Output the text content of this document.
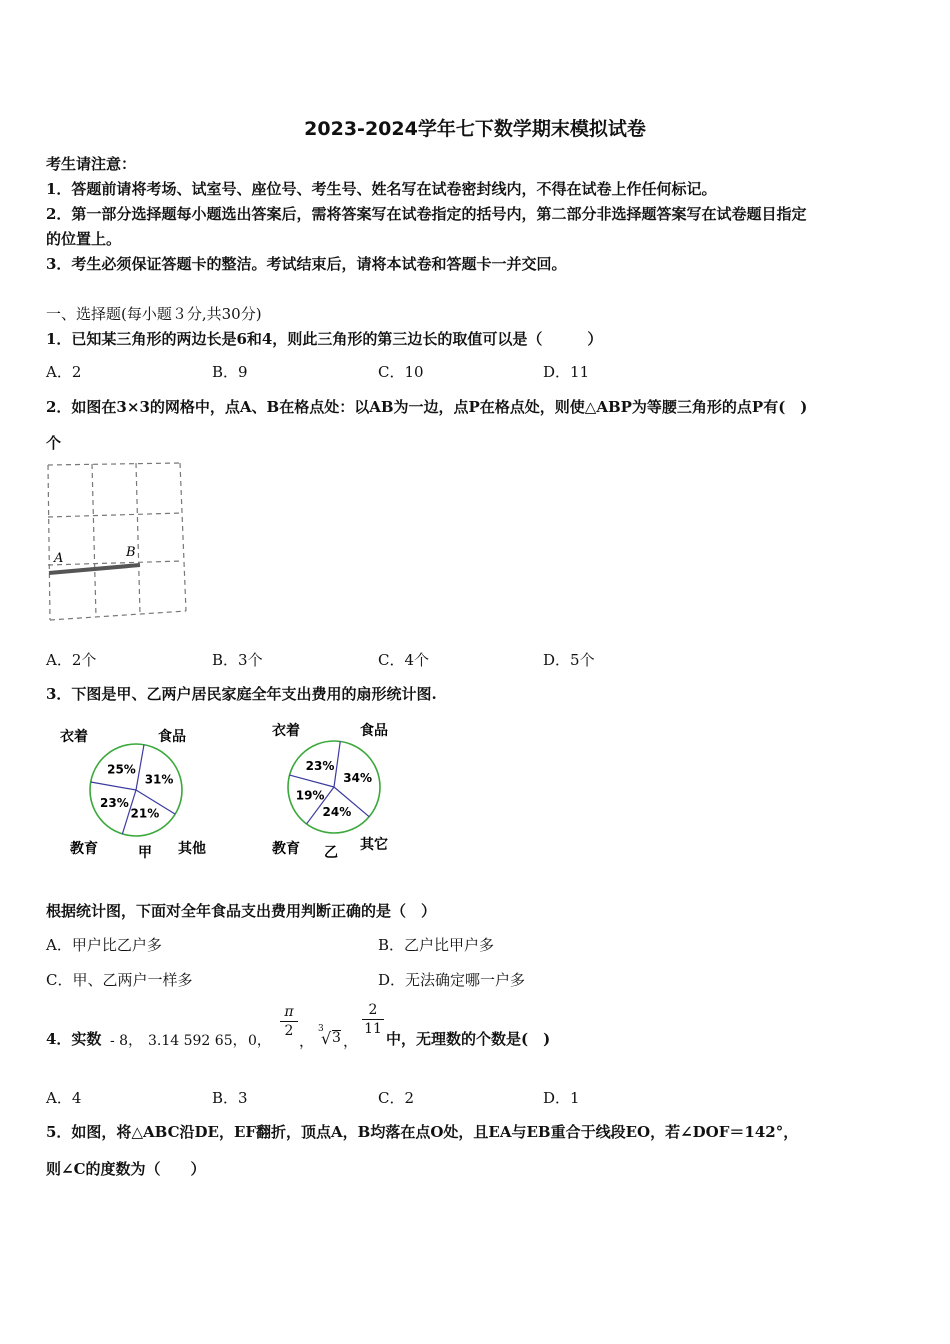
2023-2024学年七下数学期末模拟试卷
考生请注意：
1．答题前请将考场、试室号、座位号、考生号、姓名写在试卷密封线内，不得在试卷上作任何标记。
2．第一部分选择题每小题选出答案后，需将答案写在试卷指定的括号内，第二部分非选择题答案写在试卷题目指定
的位置上。
3．考生必须保证答题卡的整洁。考试结束后，请将本试卷和答题卡一并交回。
一、选择题(每小题３分,共30分)
1．已知某三角形的两边长是6和4，则此三角形的第三边长的取值可以是（　　　）
A．2	B．9	C．10	D．11
2．如图在3×3的网格中，点A、B在格点处：以AB为一边，点P在格点处，则使△ABP为等腰三角形的点P有(　)
个
A	B
A．2个	B．3个	C．4个	D．5个
3．下图是甲、乙两户居民家庭全年支出费用的扇形统计图.
25%
31%
21%
23%
衣着	食品
教育	其他
甲
23%
34%
24%
19%
衣着	食品
教育	其它
乙
根据统计图，下面对全年食品支出费用判断正确的是（　）
A．甲户比乙户多	B．乙户比甲户多
C．甲、乙两户一样多	D．无法确定哪一户多
4．实数 - 8， 3.14 592 65， 0，
π
2
，
3
√ 3 ，
2
11
中，无理数的个数是(　)
A．4	B．3	C．2	D．1
5．如图，将△ABC沿DE，EF翻折，顶点A，B均落在点O处，且EA与EB重合于线段EO，若∠DOF＝142°，
则∠C的度数为（　　）
